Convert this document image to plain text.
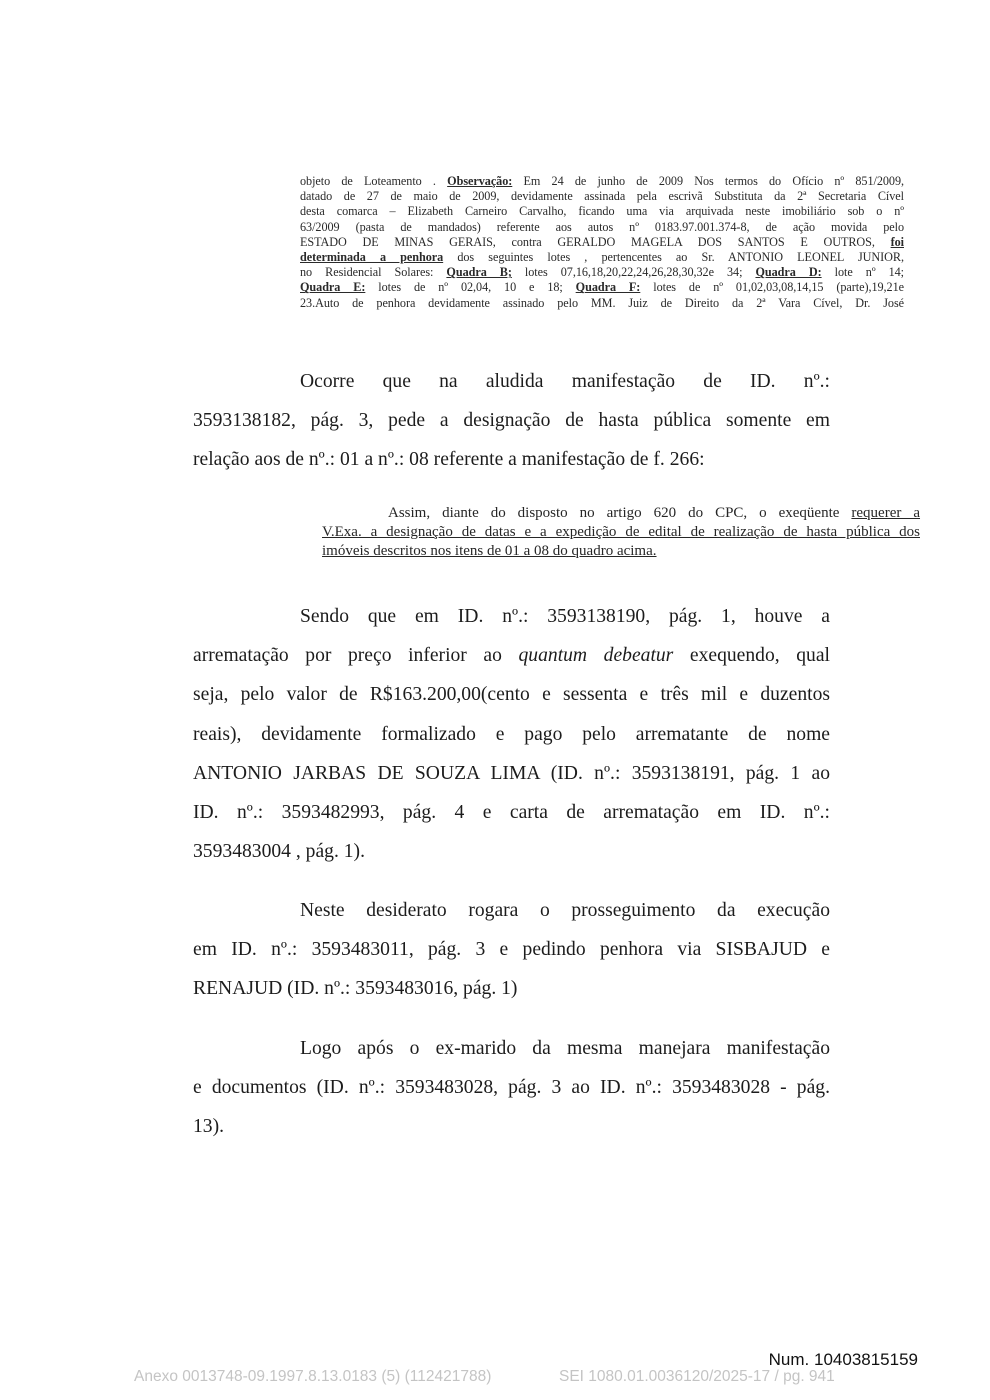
objeto de Loteamento . Observação: Em 24 de junho de 2009 Nos termos do Ofício nº 851/2009,
datado de 27 de maio de 2009, devidamente assinada pela escrivã Substituta da 2ª Secretaria Cível
desta comarca – Elizabeth Carneiro Carvalho, ficando uma via arquivada neste imobiliário sob o nº
63/2009 (pasta de mandados) referente aos autos nº 0183.97.001.374-8, de ação movida pelo
ESTADO DE MINAS GERAIS, contra GERALDO MAGELA DOS SANTOS E OUTROS, foi
determinada a penhora dos seguintes lotes , pertencentes ao Sr. ANTONIO LEONEL JUNIOR,
no Residencial Solares: Quadra B; lotes 07,16,18,20,22,24,26,28,30,32e 34; Quadra D: lote nº 14;
Quadra E: lotes de nº 02,04, 10 e 18; Quadra F: lotes de nº 01,02,03,08,14,15 (parte),19,21e
23.Auto de penhora devidamente assinado pelo MM. Juiz de Direito da 2ª Vara Cível, Dr. José
Ocorre que na aludida manifestação de ID. nº.:
3593138182, pág. 3, pede a designação de hasta pública somente em
relação aos de nº.: 01 a nº.: 08 referente a manifestação de f. 266:
Assim, diante do disposto no artigo 620 do CPC, o exeqüente requerer a
V.Exa. a designação de datas e a expedição de edital de realização de hasta pública dos
imóveis descritos nos itens de 01 a 08 do quadro acima.
Sendo que em ID. nº.: 3593138190, pág. 1, houve a
arrematação por preço inferior ao quantum debeatur exequendo, qual
seja, pelo valor de R$163.200,00(cento e sessenta e três mil e duzentos
reais), devidamente formalizado e pago pelo arrematante de nome
ANTONIO JARBAS DE SOUZA LIMA (ID. nº.: 3593138191, pág. 1 ao
ID. nº.: 3593482993, pág. 4 e carta de arrematação em ID. nº.:
3593483004 , pág. 1).
Neste desiderato rogara o prosseguimento da execução
em ID. nº.: 3593483011, pág. 3 e pedindo penhora via SISBAJUD e
RENAJUD (ID. nº.: 3593483016, pág. 1)
Logo após o ex-marido da mesma manejara manifestação
e documentos (ID. nº.: 3593483028, pág. 3 ao ID. nº.: 3593483028 - pág.
13).
Num. 10403815159
Anexo 0013748-09.1997.8.13.0183 (5) (112421788)	SEI 1080.01.0036120/2025-17 / pg. 941
